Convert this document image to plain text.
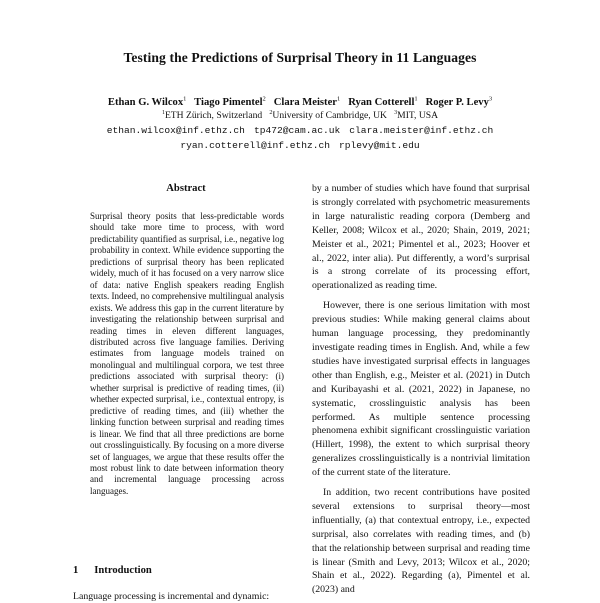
Testing the Predictions of Surprisal Theory in 11 Languages
Ethan G. Wilcox$^1$ Tiago Pimentel$^2$ Clara Meister$^1$ Ryan Cotterell$^1$ Roger P. Levy$^3$
$^1$ETH Zürich, Switzerland $^2$University of Cambridge, UK $^3$MIT, USA
ethan.wilcox@inf.ethz.ch tp472@cam.ac.uk clara.meister@inf.ethz.ch
ryan.cotterell@inf.ethz.ch rplevy@mit.edu
Abstract
Surprisal theory posits that less-predictable words should take more time to process, with word predictability quantified as surprisal, i.e., negative log probability in context. While evidence supporting the predictions of surprisal theory has been replicated widely, much of it has focused on a very narrow slice of data: native English speakers reading English texts. Indeed, no comprehensive multilingual analysis exists. We address this gap in the current literature by investigating the relationship between surprisal and reading times in eleven different languages, distributed across five language families. Deriving estimates from language models trained on monolingual and multilingual corpora, we test three predictions associated with surprisal theory: (i) whether surprisal is predictive of reading times, (ii) whether expected surprisal, i.e., contextual entropy, is predictive of reading times, and (iii) whether the linking function between surprisal and reading times is linear. We find that all three predictions are borne out crosslinguistically. By focusing on a more diverse set of languages, we argue that these results offer the most robust link to date between information theory and incremental language processing across languages.
1 Introduction
Language processing is incremental and dynamic:

by a number of studies which have found that surprisal is strongly correlated with psychometric measurements in large naturalistic reading corpora (Demberg and Keller, 2008; Wilcox et al., 2020; Shain, 2019, 2021; Meister et al., 2021; Pimentel et al., 2023; Hoover et al., 2022, inter alia). Put differently, a word’s surprisal is a strong correlate of its processing effort, operationalized as reading time.

However, there is one serious limitation with most previous studies: While making general claims about human language processing, they predominantly investigate reading times in English. And, while a few studies have investigated surprisal effects in languages other than English, e.g., Meister et al. (2021) in Dutch and Kuribayashi et al. (2021, 2022) in Japanese, no systematic, crosslinguistic analysis has been performed. As multiple sentence processing phenomena exhibit significant crosslinguistic variation (Hillert, 1998), the extent to which surprisal theory generalizes crosslinguistically is a nontrivial limitation of the current state of the literature.

In addition, two recent contributions have posited several extensions to surprisal theory—most influentially, (a) that contextual entropy, i.e., expected surprisal, also correlates with reading times, and (b) that the relationship between surprisal and reading time is linear (Smith and Levy, 2013; Wilcox et al., 2020; Shain et al., 2022). Regarding (a), Pimentel et al. (2023) and
